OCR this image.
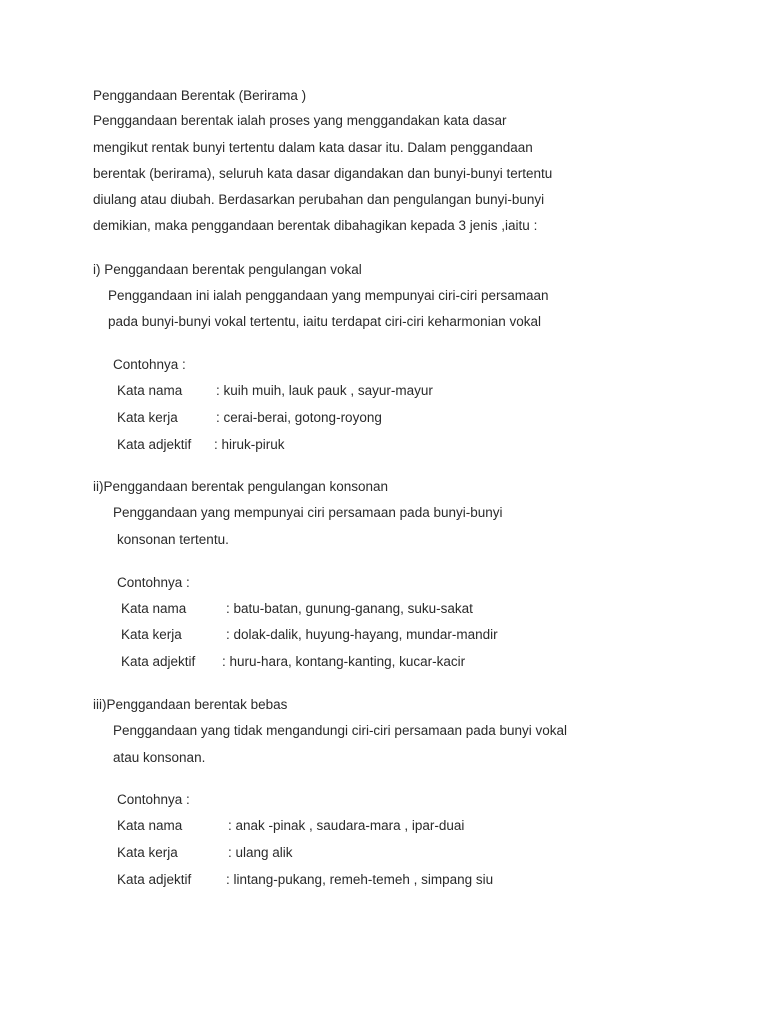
Penggandaan Berentak (Berirama )
Penggandaan berentak ialah proses yang menggandakan kata dasar
mengikut rentak bunyi tertentu dalam kata dasar itu. Dalam penggandaan
berentak (berirama), seluruh kata dasar digandakan dan bunyi-bunyi tertentu
diulang atau diubah. Berdasarkan perubahan dan pengulangan bunyi-bunyi
demikian, maka penggandaan berentak dibahagikan kepada 3 jenis ,iaitu :
i) Penggandaan berentak pengulangan vokal
Penggandaan ini ialah penggandaan yang mempunyai ciri-ciri persamaan
pada bunyi-bunyi vokal tertentu, iaitu terdapat ciri-ciri keharmonian vokal
Contohnya :
Kata nama : kuih muih, lauk pauk , sayur-mayur
Kata kerja	: cerai-berai, gotong-royong
Kata adjektif : hiruk-piruk
ii)Penggandaan berentak pengulangan konsonan
Penggandaan yang mempunyai ciri persamaan pada bunyi-bunyi
konsonan tertentu.
Contohnya :
Kata nama	: batu-batan, gunung-ganang, suku-sakat
Kata kerja	: dolak-dalik, huyung-hayang, mundar-mandir
Kata adjektif : huru-hara, kontang-kanting, kucar-kacir
iii)Penggandaan berentak bebas
Penggandaan yang tidak mengandungi ciri-ciri persamaan pada bunyi vokal
atau konsonan.
Contohnya :
Kata nama	: anak -pinak , saudara-mara , ipar-duai
Kata kerja	: ulang alik
Kata adjektif	: lintang-pukang, remeh-temeh , simpang siu
